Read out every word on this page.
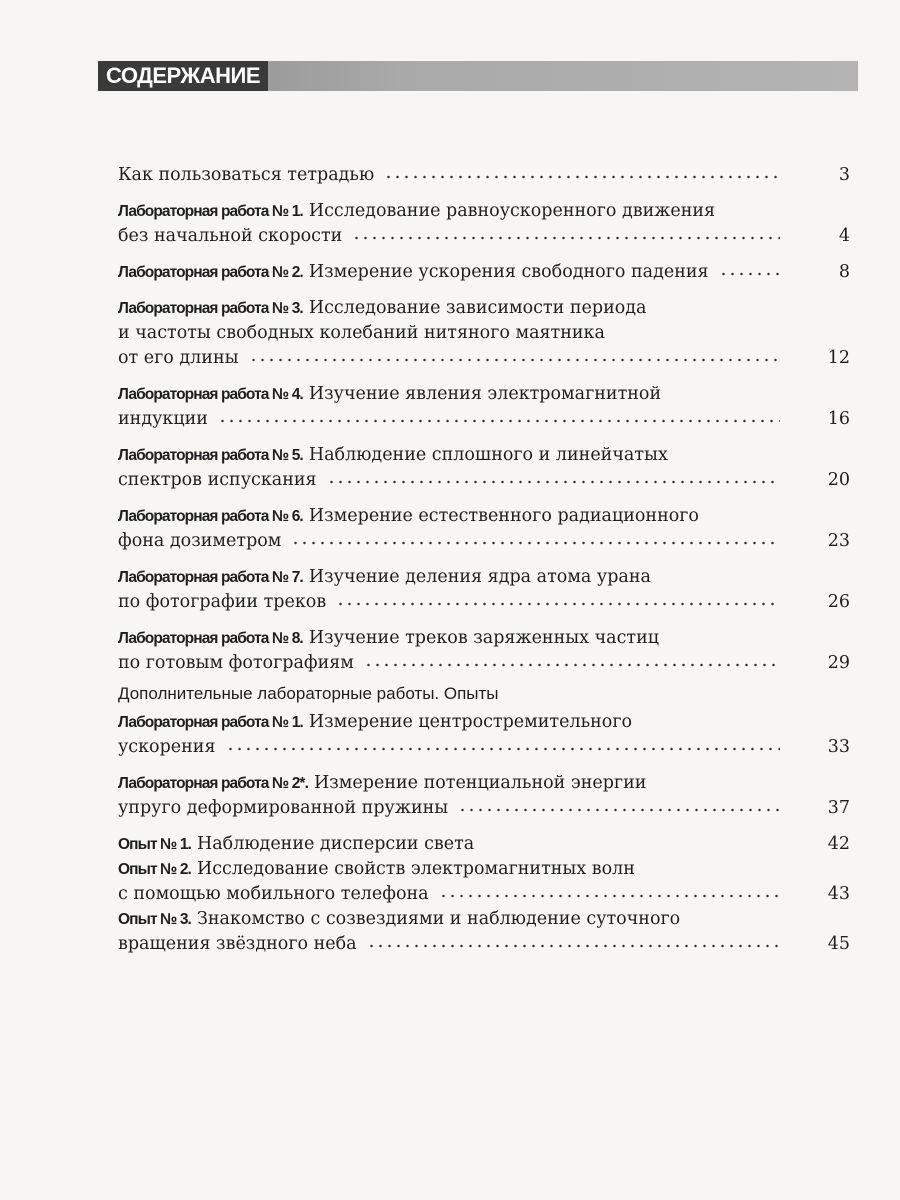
СОДЕРЖАНИЕ
Как пользоваться тетрадью	3
Лабораторная работа № 1. Исследование равноускоренного движения
без начальной скорости	4
Лабораторная работа № 2. Измерение ускорения свободного падения	8
Лабораторная работа № 3. Исследование зависимости периода
и частоты свободных колебаний нитяного маятника
от его длины	12
Лабораторная работа № 4. Изучение явления электромагнитной
индукции	16
Лабораторная работа № 5. Наблюдение сплошного и линейчатых
спектров испускания	20
Лабораторная работа № 6. Измерение естественного радиационного
фона дозиметром	23
Лабораторная работа № 7. Изучение деления ядра атома урана
по фотографии треков	26
Лабораторная работа № 8. Изучение треков заряженных частиц
по готовым фотографиям	29
Дополнительные лабораторные работы. Опыты
Лабораторная работа № 1. Измерение центростремительного
ускорения	33
Лабораторная работа № 2*. Измерение потенциальной энергии
упруго деформированной пружины	37
Опыт № 1. Наблюдение дисперсии света	42
Опыт № 2. Исследование свойств электромагнитных волн
с помощью мобильного телефона	43
Опыт № 3. Знакомство с созвездиями и наблюдение суточного
вращения звёздного неба	45
